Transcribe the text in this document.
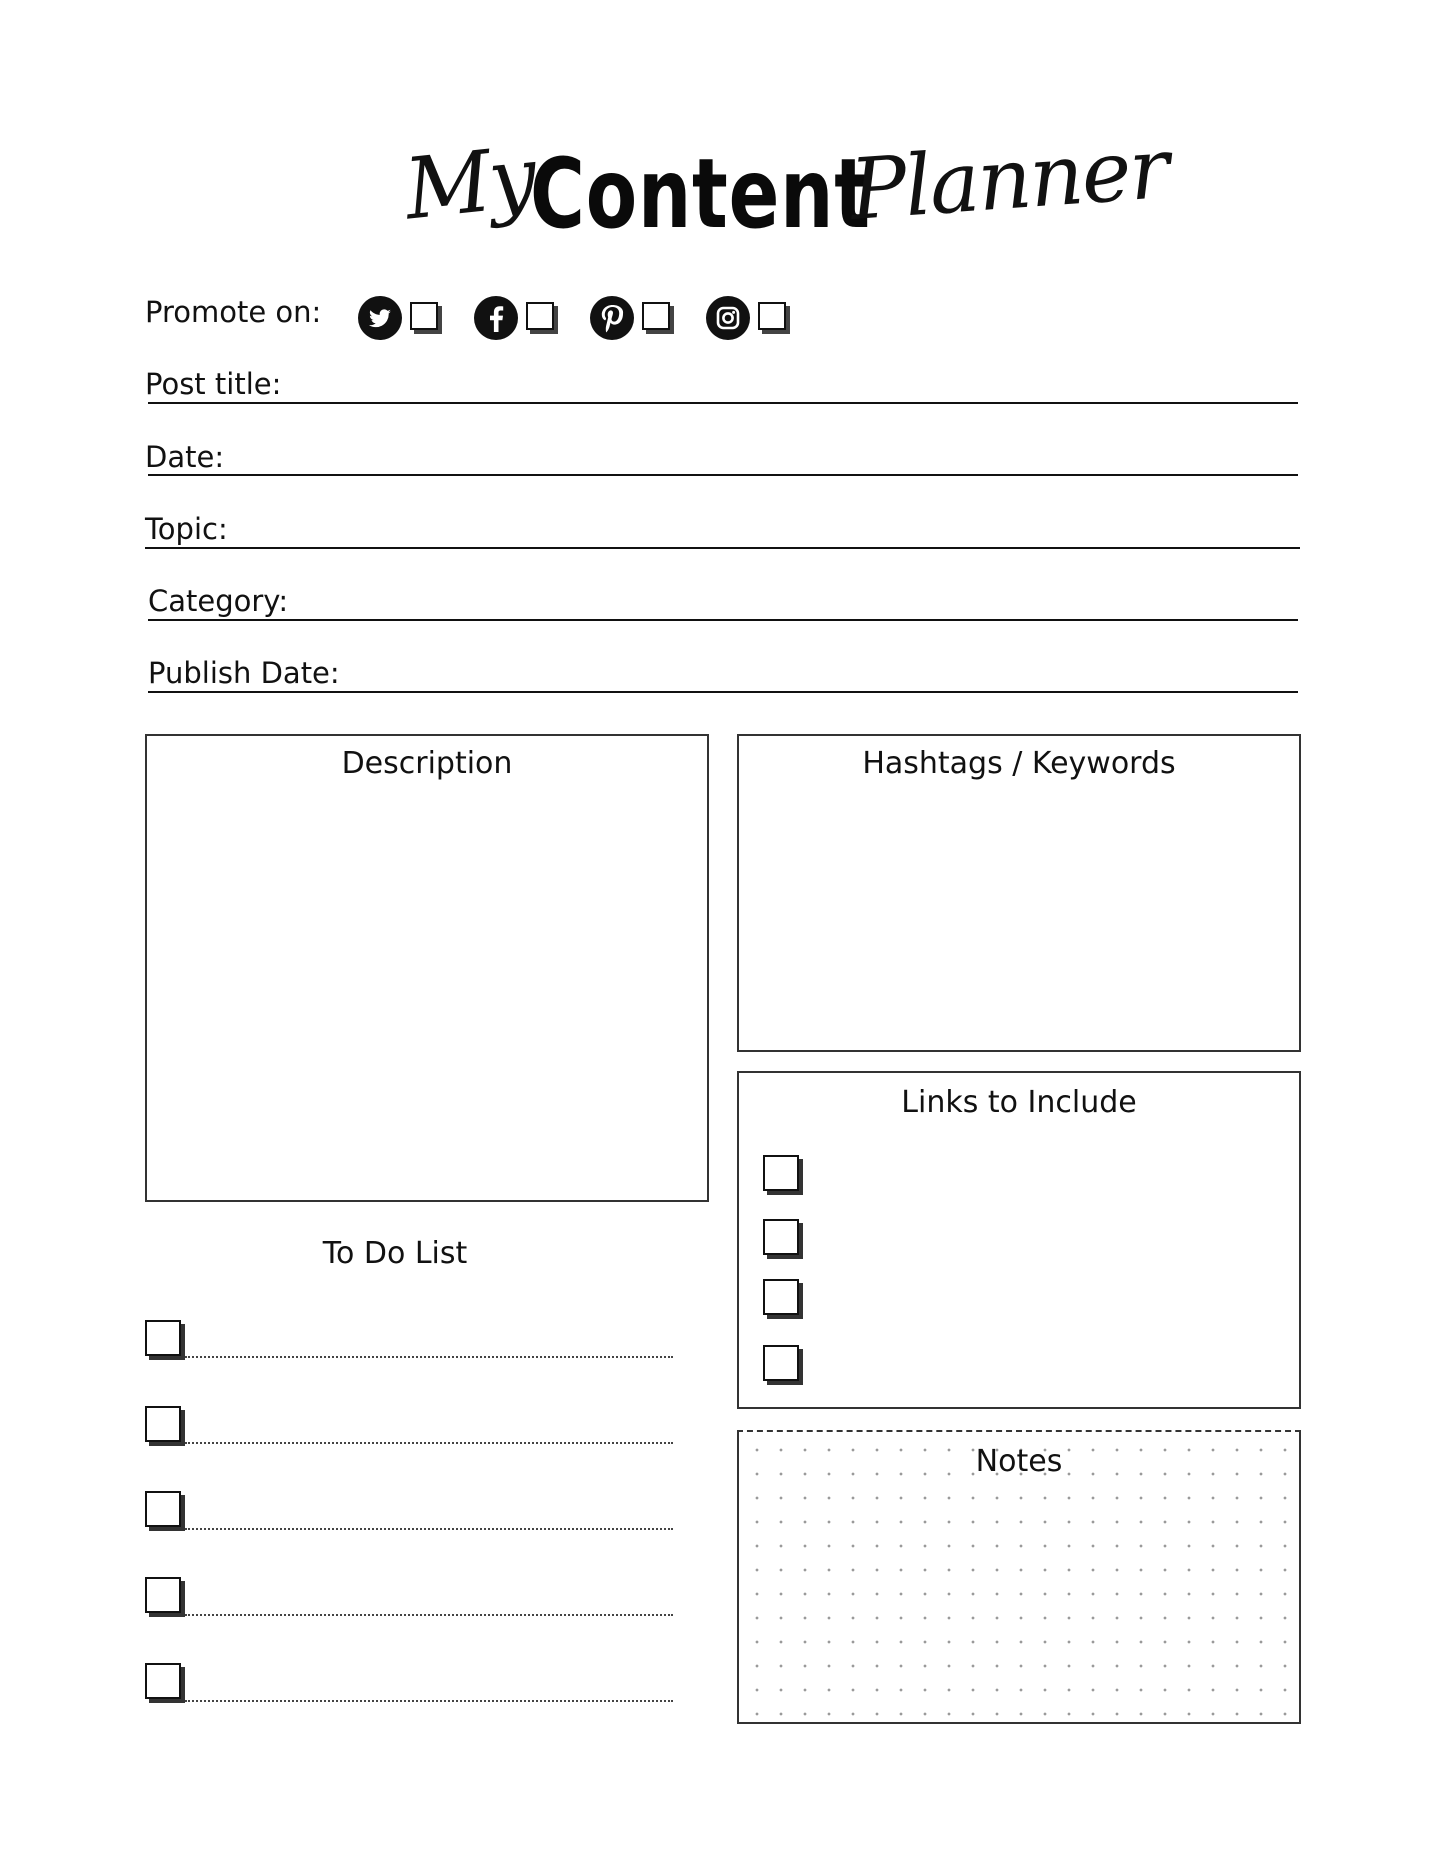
My
Content
Planner
Promote on:
Post title:
Date:
Topic:
Category:
Publish Date:
Description	Hashtags / Keywords
Links to Include
To Do List
Notes
